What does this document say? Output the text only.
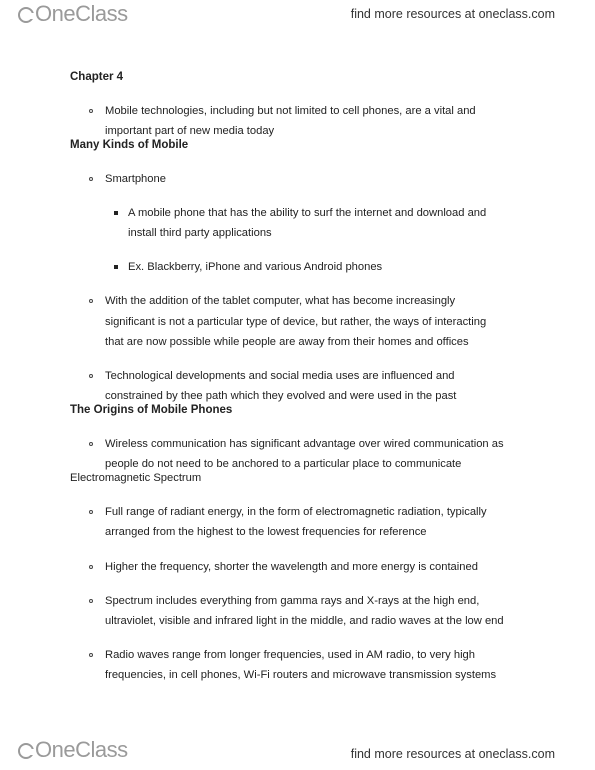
OneClass	find more resources at oneclass.com
Chapter 4
Mobile technologies, including but not limited to cell phones, are a vital and
important part of new media today
Many Kinds of Mobile
Smartphone
A mobile phone that has the ability to surf the internet and download and
install third party applications
Ex. Blackberry, iPhone and various Android phones
With the addition of the tablet computer, what has become increasingly
significant is not a particular type of device, but rather, the ways of interacting
that are now possible while people are away from their homes and offices
Technological developments and social media uses are influenced and
constrained by thee path which they evolved and were used in the past
The Origins of Mobile Phones
Wireless communication has significant advantage over wired communication as
people do not need to be anchored to a particular place to communicate
Electromagnetic Spectrum
Full range of radiant energy, in the form of electromagnetic radiation, typically
arranged from the highest to the lowest frequencies for reference
Higher the frequency, shorter the wavelength and more energy is contained
Spectrum includes everything from gamma rays and X-rays at the high end,
ultraviolet, visible and infrared light in the middle, and radio waves at the low end
Radio waves range from longer frequencies, used in AM radio, to very high
frequencies, in cell phones, Wi-Fi routers and microwave transmission systems
OneClass	find more resources at oneclass.com
